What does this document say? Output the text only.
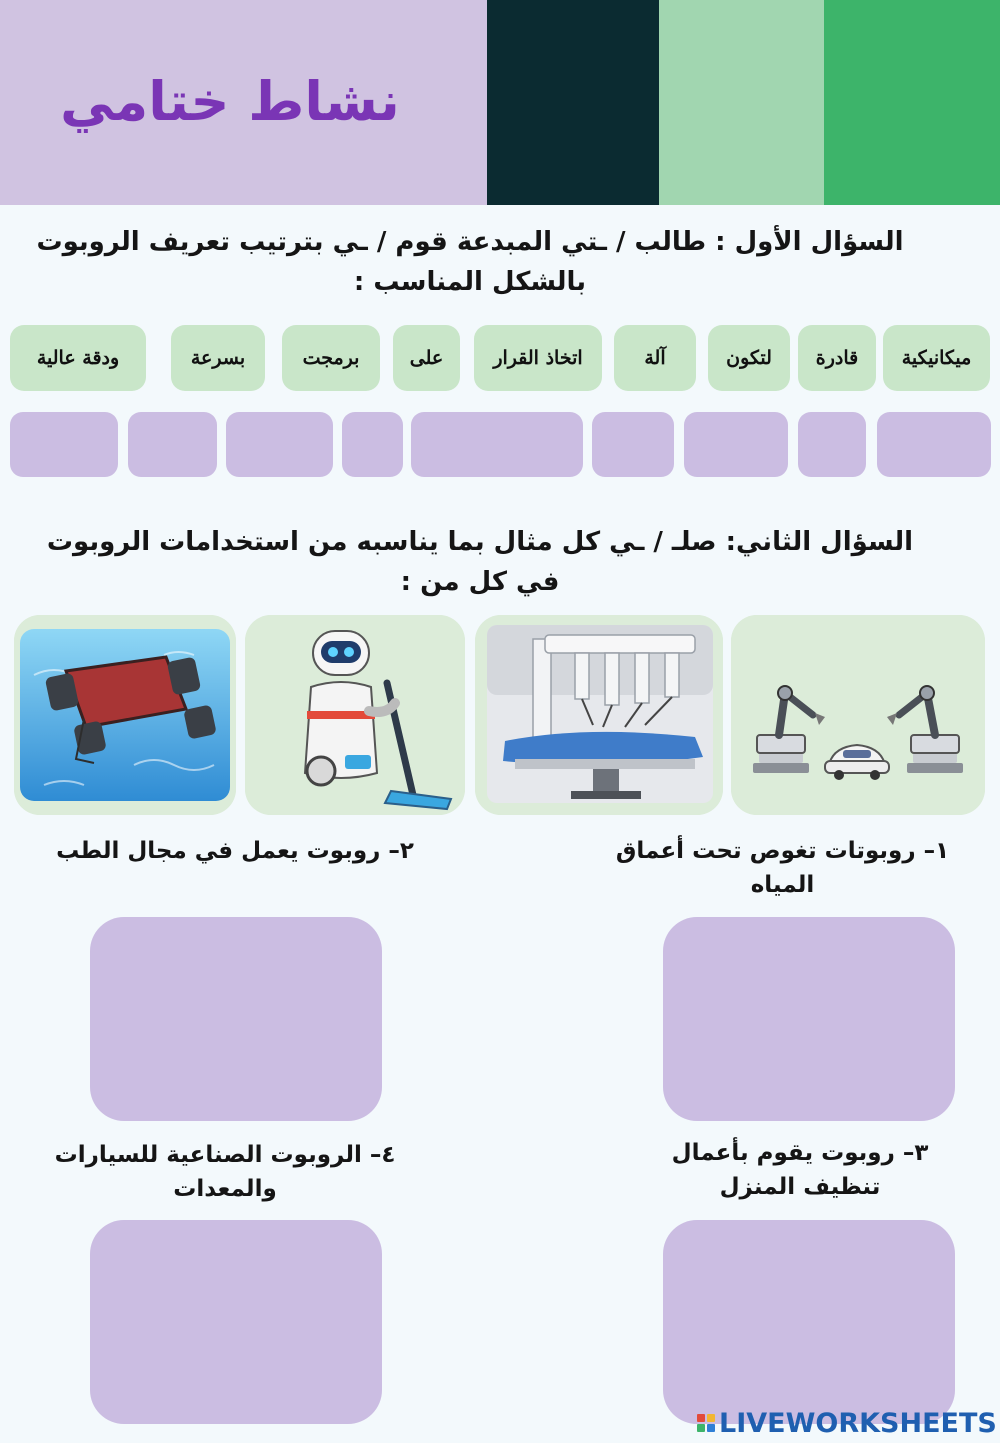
نشاط ختامي
السؤال الأول : طالب / ـتي المبدعة قوم / ـي بترتيب تعريف الروبوت بالشكل المناسب :
ميكانيكية
قادرة
لتكون
آلة
اتخاذ القرار
على
برمجت
بسرعة
ودقة عالية
السؤال الثاني: صلـ / ـي كل مثال بما يناسبه من استخدامات الروبوت في كل من :
١– روبوتات تغوص تحت أعماق المياه
٢– روبوت يعمل في مجال الطب
٣– روبوت يقوم بأعمال تنظيف المنزل
٤– الروبوت الصناعية للسيارات والمعدات
LIVEWORKSHEETS
